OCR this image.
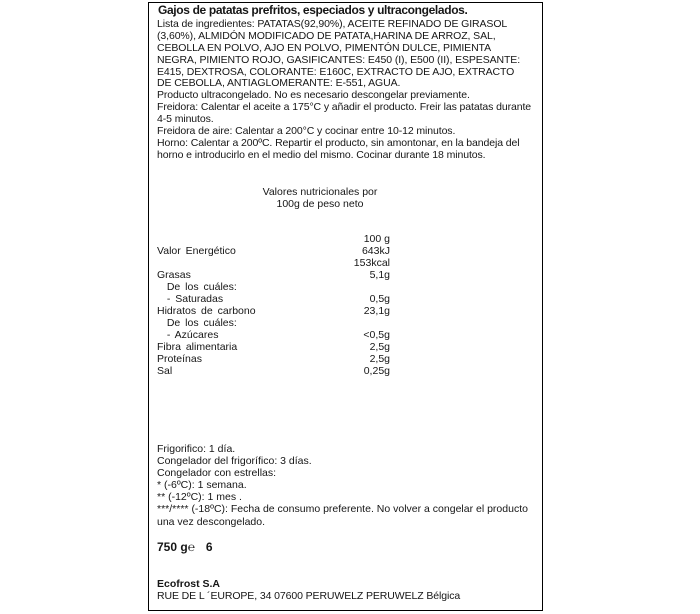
Gajos de patatas prefritos, especiados y ultracongelados.
Lista de ingredientes: PATATAS(92,90%), ACEITE REFINADO DE GIRASOL
(3,60%), ALMIDÓN MODIFICADO DE PATATA,HARINA DE ARROZ, SAL,
CEBOLLA EN POLVO, AJO EN POLVO, PIMENTÓN DULCE, PIMIENTA
NEGRA, PIMIENTO ROJO, GASIFICANTES: E450 (I), E500 (II), ESPESANTE:
E415, DEXTROSA, COLORANTE: E160C, EXTRACTO DE AJO, EXTRACTO
DE CEBOLLA, ANTIAGLOMERANTE: E-551, AGUA.
Producto ultracongelado. No es necesario descongelar previamente.
Freidora: Calentar el aceite a 175°C y añadir el producto. Freir las patatas durante
4-5 minutos.
Freidora de aire: Calentar a 200°C y cocinar entre 10-12 minutos.
Horno: Calentar a 200ºC. Repartir el producto, sin amontonar, en la bandeja del
horno e introducirlo en el medio del mismo. Cocinar durante 18 minutos.
Valores nutricionales por
100g de peso neto
100 g
Valor Energético	643kJ
153kcal
Grasas	5,1g
De los cuáles:
- Saturadas	0,5g
Hidratos de carbono	23,1g
De los cuáles:
- Azúcares	<0,5g
Fibra alimentaria	2,5g
Proteínas	2,5g
Sal	0,25g
Frigorifico: 1 día.
Congelador del frigorífico: 3 días.
Congelador con estrellas:
* (-6ºC): 1 semana.
** (-12ºC): 1 mes .
***/**** (-18ºC): Fecha de consumo preferente. No volver a congelar el producto
una vez descongelado.
750 g℮ 6
Ecofrost S.A
RUE DE L ´EUROPE, 34 07600 PERUWELZ PERUWELZ Bélgica
